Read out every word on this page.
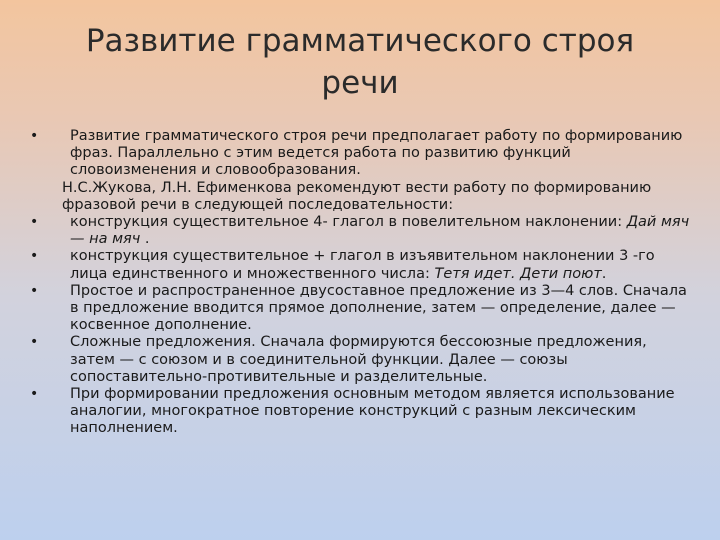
Развитие грамматического строя
речи
• Развитие грамматического строя речи предполагает работу по формированию фраз. Параллельно с этим ведется работа по развитию функций словоизменения и словообразования.
Н.С.Жукова, Л.Н. Ефименкова рекомендуют вести работу по формированию фразовой речи в следующей последовательности:
• конструкция существительное 4- глагол в повелительном наклонении: Дай мяч — на мяч .
• конструкция существительное + глагол в изъявительном наклонении 3 -го лица единственного и множественного числа: Тетя идет. Дети поют.
• Простое и распространенное двусоставное предложение из 3—4 слов. Сначала в предложение вводится прямое дополнение, затем — определение, далее — косвенное дополнение.
• Сложные предложения. Сначала формируются бессоюзные предложения, затем — с союзом и в соединительной функции. Далее — союзы сопоставительно-противительные и разделительные.
• При формировании предложения основным методом является использование аналогии, многократное повторение конструкций с разным лексическим наполнением.
